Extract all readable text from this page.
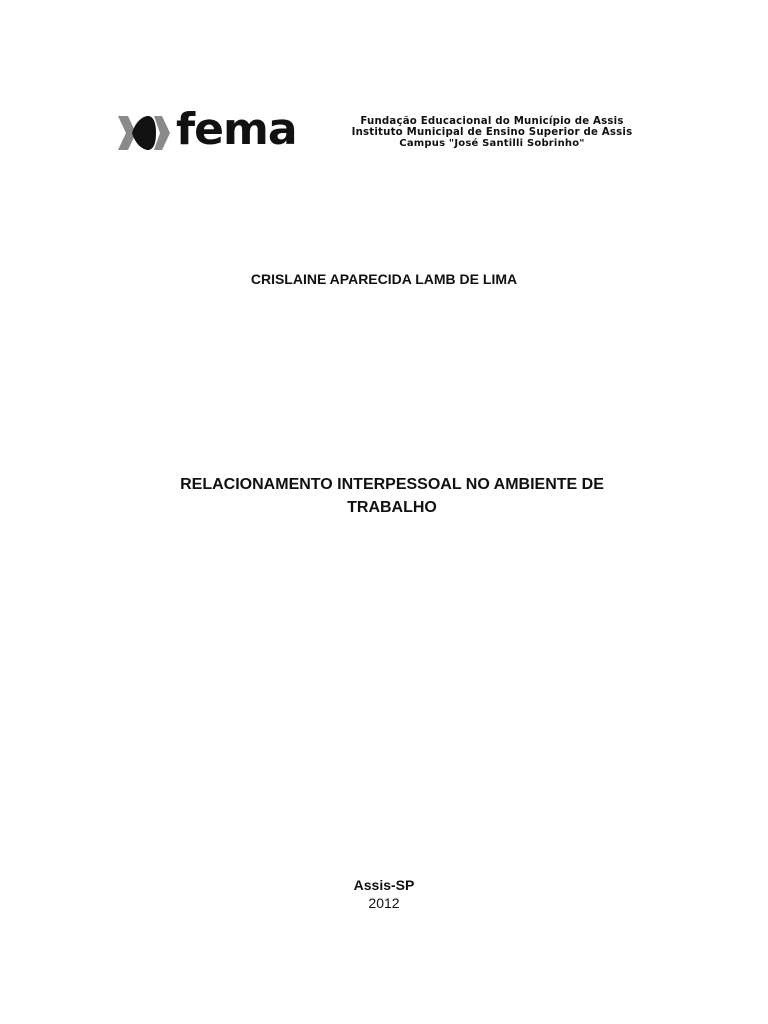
fema	Fundação Educacional do Município de Assis
Instituto Municipal de Ensino Superior de Assis
Campus "José Santilli Sobrinho"
CRISLAINE APARECIDA LAMB DE LIMA
RELACIONAMENTO INTERPESSOAL NO AMBIENTE DE
TRABALHO
Assis-SP
2012
